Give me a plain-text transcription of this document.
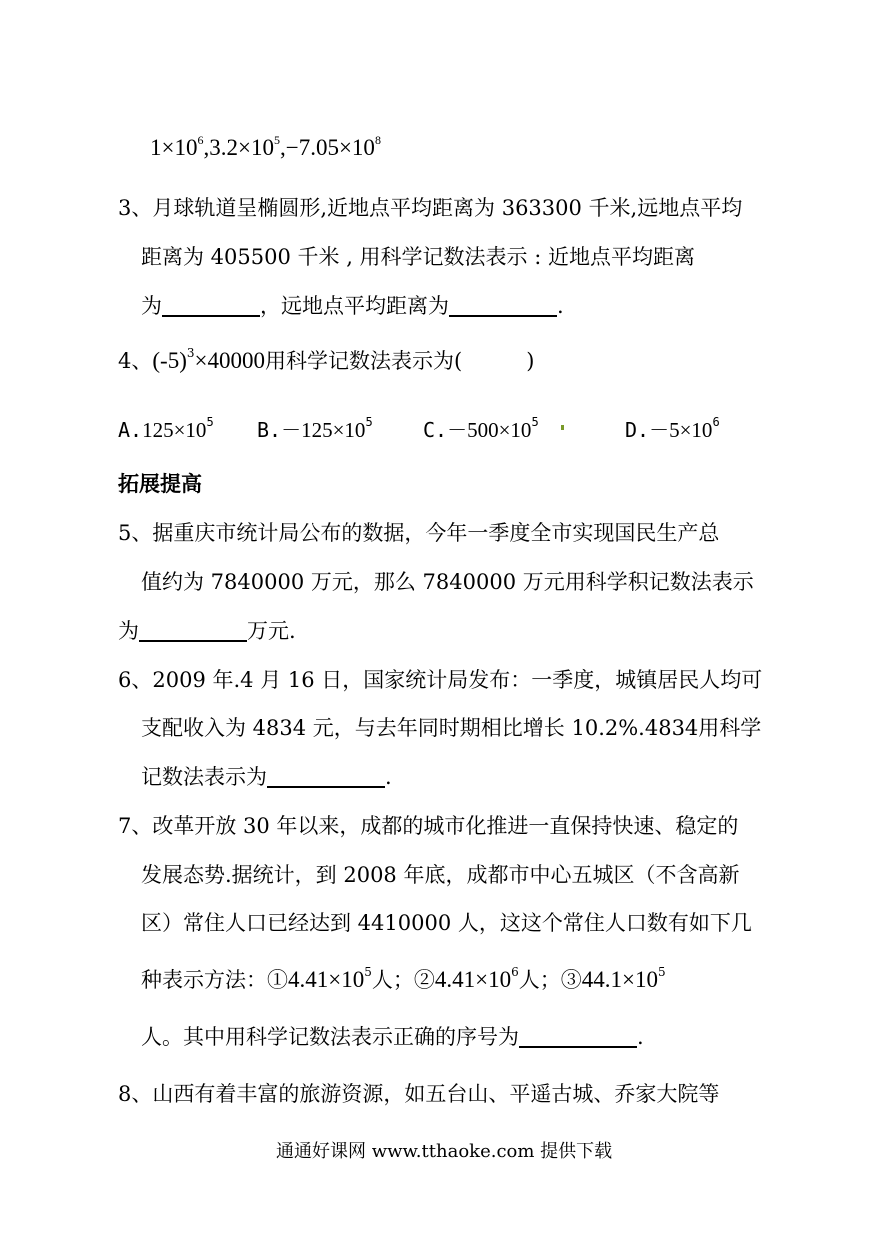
$1\times 10^6,3.2\times 10^5,-7.05\times 10^8$
3、月球轨道呈椭圆形,近地点平均距离为 363300 千米,远地点平均
距离为 405500 千米 , 用科学记数法表示 : 近地点平均距离
为	，远地点平均距离为	.
4、$(-5)^3\times 40000$用科学记数法表示为(	)
$A.125\times 10^5$ $B.-125\times 10^5$	$C.-500\times 10^5$	$D.-5\times 10^6$
拓展提高
5、据重庆市统计局公布的数据，今年一季度全市实现国民生产总
值约为 7840000 万元，那么 7840000 万元用科学积记数法表示
为	万元.
6、2009 年.4 月 16 日，国家统计局发布：一季度，城镇居民人均可
支配收入为 4834 元，与去年同时期相比增长 10.2%.4834用科学
记数法表示为	.
7、改革开放 30 年以来，成都的城市化推进一直保持快速、稳定的
发展态势.据统计，到 2008 年底，成都市中心五城区（不含高新
区）常住人口已经达到 4410000 人，这这个常住人口数有如下几
种表示方法：$①4.41\times 10^5$人；$②4.41\times 10^6$人；$③44.1\times 10^5$
人。其中用科学记数法表示正确的序号为	.
8、山西有着丰富的旅游资源，如五台山、平遥古城、乔家大院等
通通好课网 www.tthaoke.com 提供下载
